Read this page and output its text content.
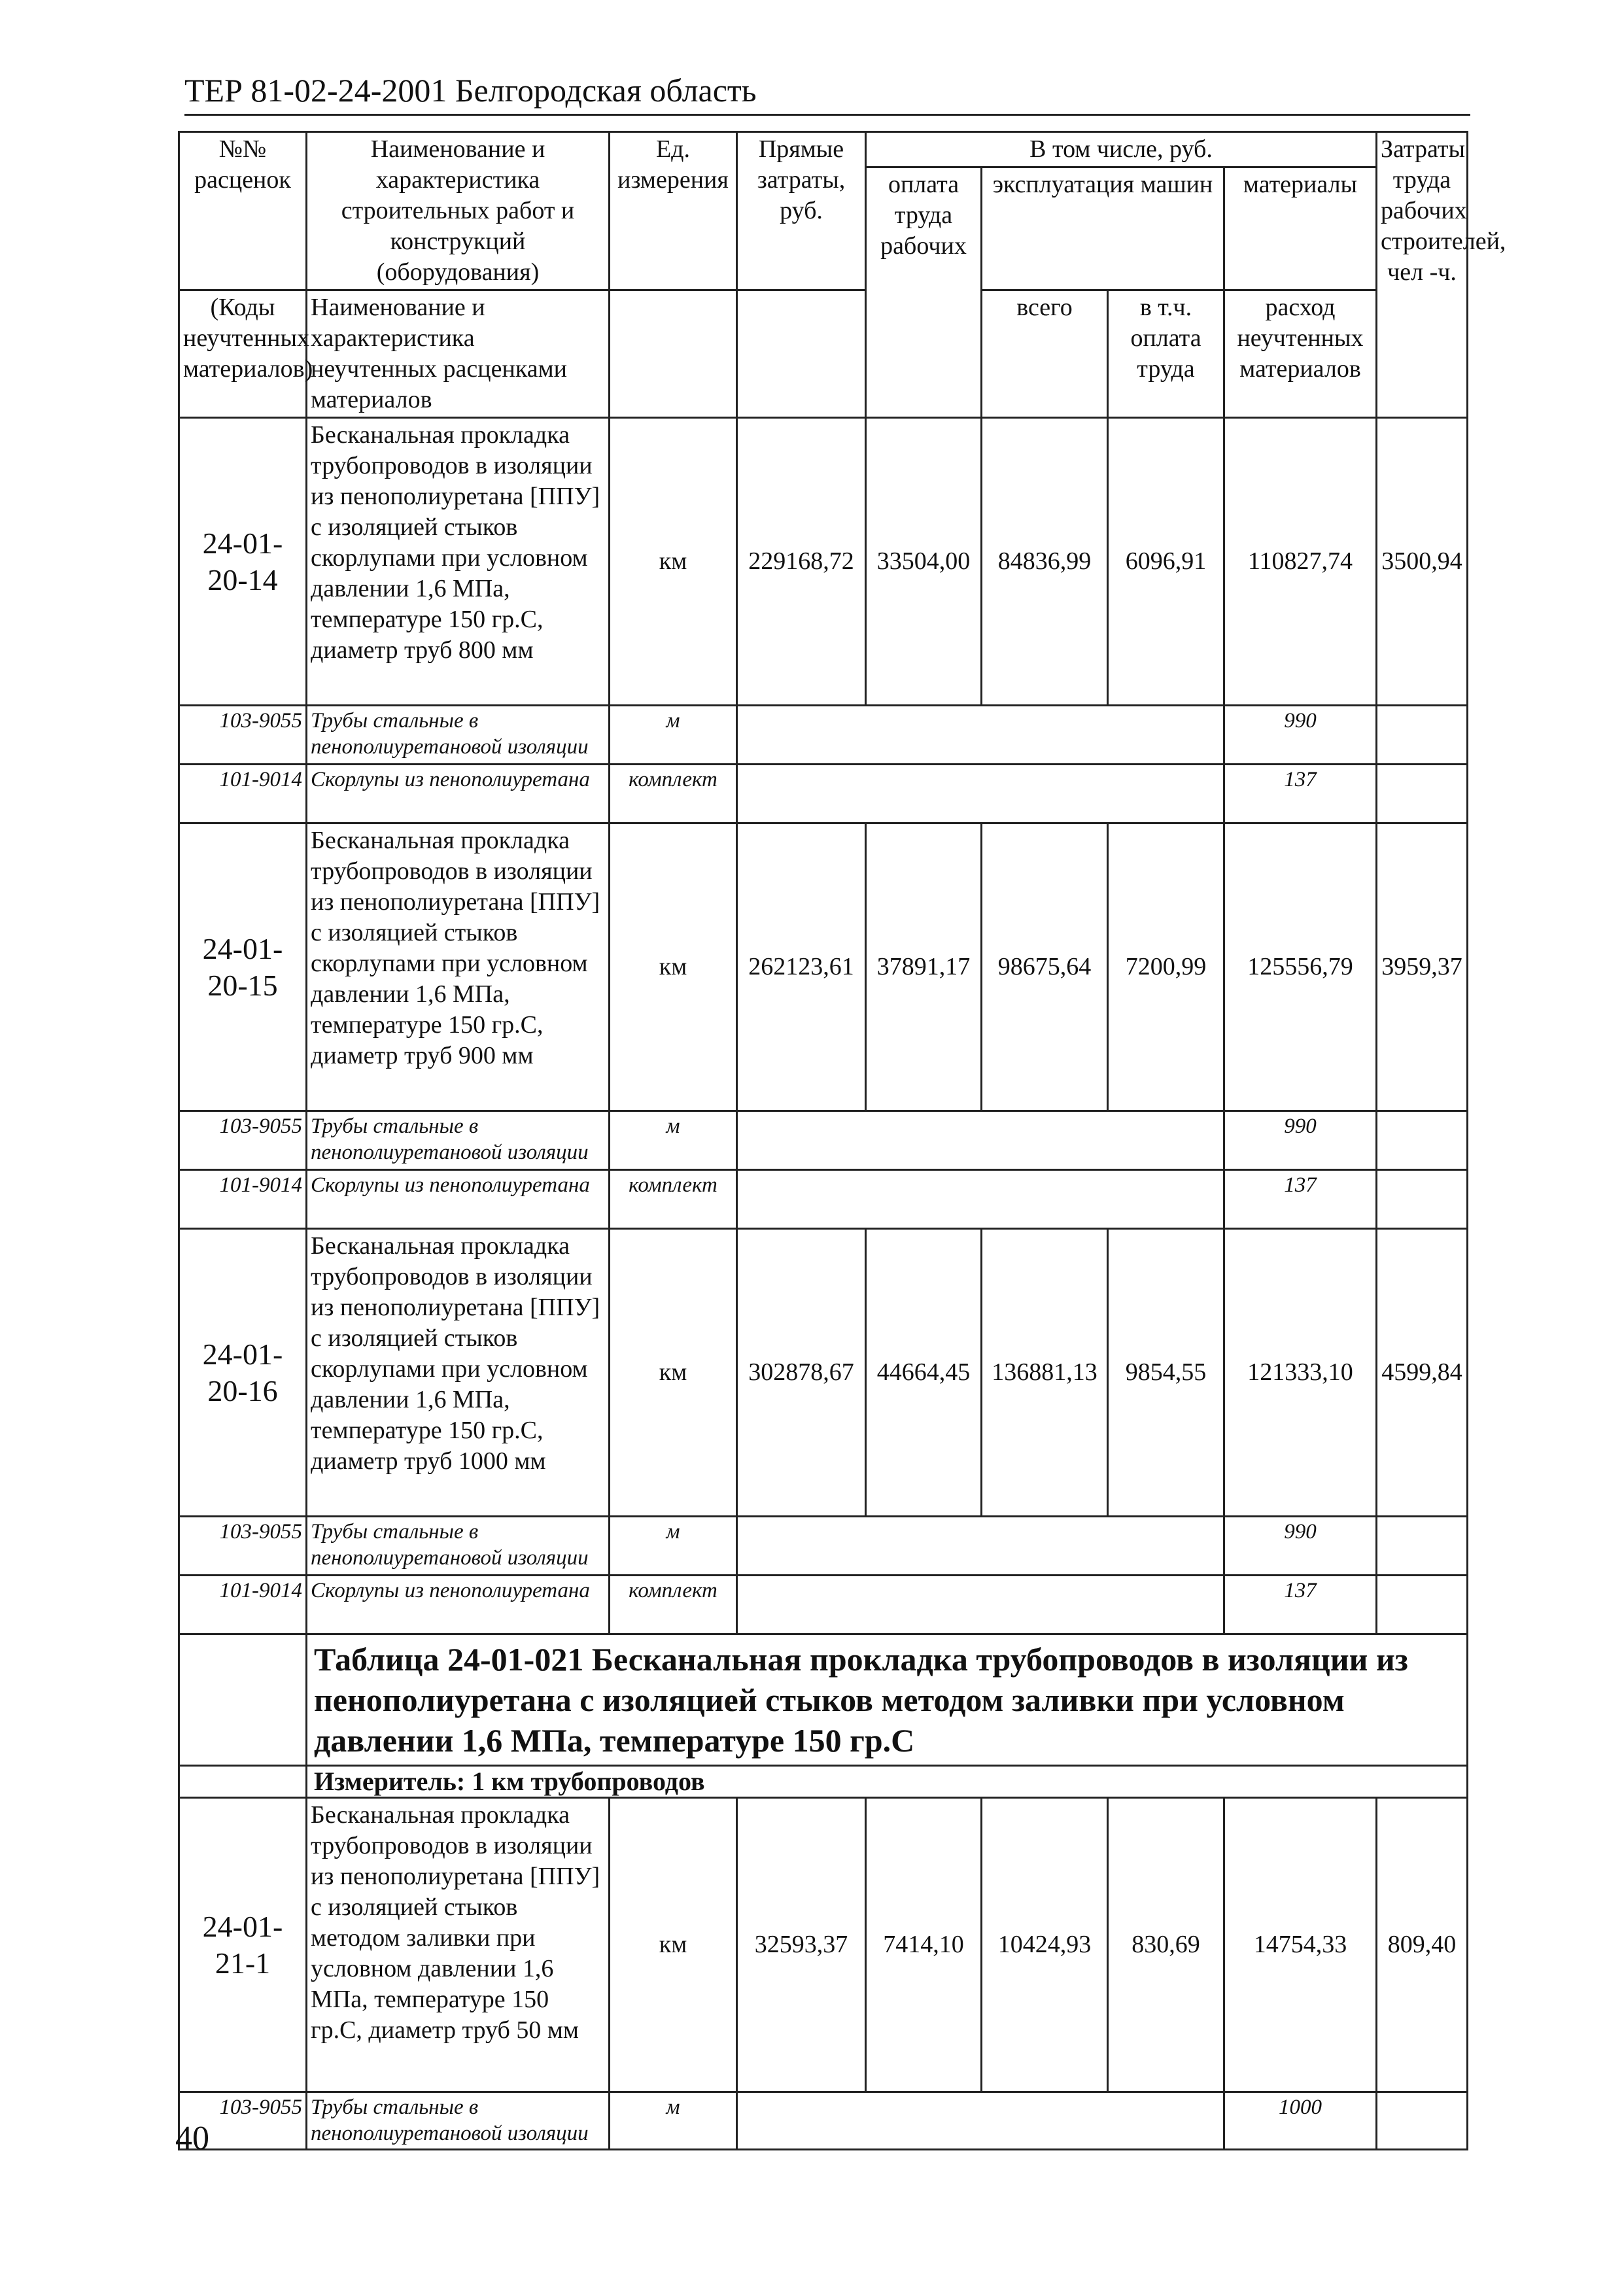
ТЕР 81-02-24-2001 Белгородская область
№№ расценок	Наименование и характеристика строительных работ и конструкций (оборудования)	Ед. измерения	Прямые затраты, руб.	В том числе, руб.				Затраты труда рабочих строителей, чел -ч.
				оплата труда рабочих	эксплуатация машин		материалы	

(Коды неучтенных материалов)	Наименование и характеристика неучтенных расценками материалов				всего	в т.ч. оплата труда	расход неучтенных материалов	

24-01-20-14	Бесканальная прокладка трубопроводов в изоляции из пенополиуретана [ППУ] с изоляцией стыков скорлупами при условном давлении 1,6 МПа, температуре 150 гр.С, диаметр труб 800 мм	км	229168,72	33504,00	84836,99	6096,91	110827,74	3500,94
103-9055	Трубы стальные в пенополиуретановой изоляции	м					990	
101-9014	Скорлупы из пенополиуретана	комплект					137	
24-01-20-15	Бесканальная прокладка трубопроводов в изоляции из пенополиуретана [ППУ] с изоляцией стыков скорлупами при условном давлении 1,6 МПа, температуре 150 гр.С, диаметр труб 900 мм	км	262123,61	37891,17	98675,64	7200,99	125556,79	3959,37
103-9055	Трубы стальные в пенополиуретановой изоляции	м					990	
101-9014	Скорлупы из пенополиуретана	комплект					137	
24-01-20-16	Бесканальная прокладка трубопроводов в изоляции из пенополиуретана [ППУ] с изоляцией стыков скорлупами при условном давлении 1,6 МПа, температуре 150 гр.С, диаметр труб 1000 мм	км	302878,67	44664,45	136881,13	9854,55	121333,10	4599,84
103-9055	Трубы стальные в пенополиуретановой изоляции	м					990	
101-9014	Скорлупы из пенополиуретана	комплект					137	
	Таблица 24-01-021 Бесканальная прокладка трубопроводов в изоляции из пенополиуретана с изоляцией стыков методом заливки при условном давлении 1,6 МПа, температуре 150 гр.С							
	Измеритель: 1 км трубопроводов							
24-01-21-1	Бесканальная прокладка трубопроводов в изоляции из пенополиуретана [ППУ] с изоляцией стыков методом заливки при условном давлении 1,6 МПа, температуре 150 гр.С, диаметр труб 50 мм	км	32593,37	7414,10	10424,93	830,69	14754,33	809,40
103-9055	Трубы стальные в пенополиуретановой изоляции	м					1000	
40
